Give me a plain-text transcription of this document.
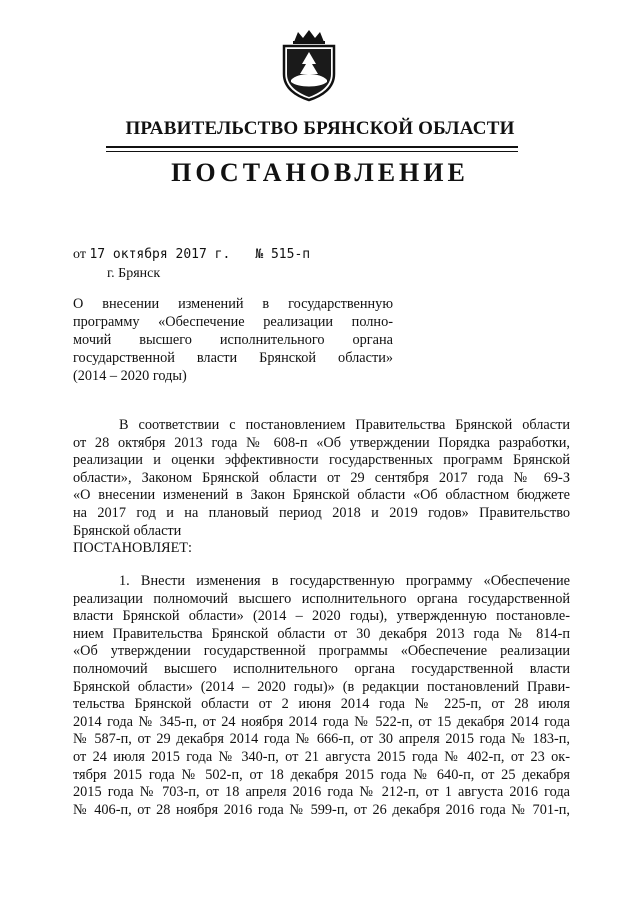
ПРАВИТЕЛЬСТВО БРЯНСКОЙ ОБЛАСТИ
ПОСТАНОВЛЕНИЕ
от 17 октября 2017 г. № 515-п
г. Брянск
О внесении изменений в государственную
программу «Обеспечение реализации полно-
мочий высшего исполнительного органа
государственной власти Брянской области»
(2014 – 2020 годы)
В соответствии с постановлением Правительства Брянской области
от 28 октября 2013 года № 608-п «Об утверждении Порядка разработки,
реализации и оценки эффективности государственных программ Брянской
области», Законом Брянской области от 29 сентября 2017 года № 69-З
«О внесении изменений в Закон Брянской области «Об областном бюджете
на 2017 год и на плановый период 2018 и 2019 годов» Правительство
Брянской области
ПОСТАНОВЛЯЕТ:
1. Внести изменения в государственную программу «Обеспечение
реализации полномочий высшего исполнительного органа государственной
власти Брянской области» (2014 – 2020 годы), утвержденную постановле-
нием Правительства Брянской области от 30 декабря 2013 года № 814-п
«Об утверждении государственной программы «Обеспечение реализации
полномочий высшего исполнительного органа государственной власти
Брянской области» (2014 – 2020 годы)» (в редакции постановлений Прави-
тельства Брянской области от 2 июня 2014 года № 225-п, от 28 июля
2014 года № 345-п, от 24 ноября 2014 года № 522-п, от 15 декабря 2014 года
№ 587-п, от 29 декабря 2014 года № 666-п, от 30 апреля 2015 года № 183-п,
от 24 июля 2015 года № 340-п, от 21 августа 2015 года № 402-п, от 23 ок-
тября 2015 года № 502-п, от 18 декабря 2015 года № 640-п, от 25 декабря
2015 года № 703-п, от 18 апреля 2016 года № 212-п, от 1 августа 2016 года
№ 406-п, от 28 ноября 2016 года № 599-п, от 26 декабря 2016 года № 701-п,
